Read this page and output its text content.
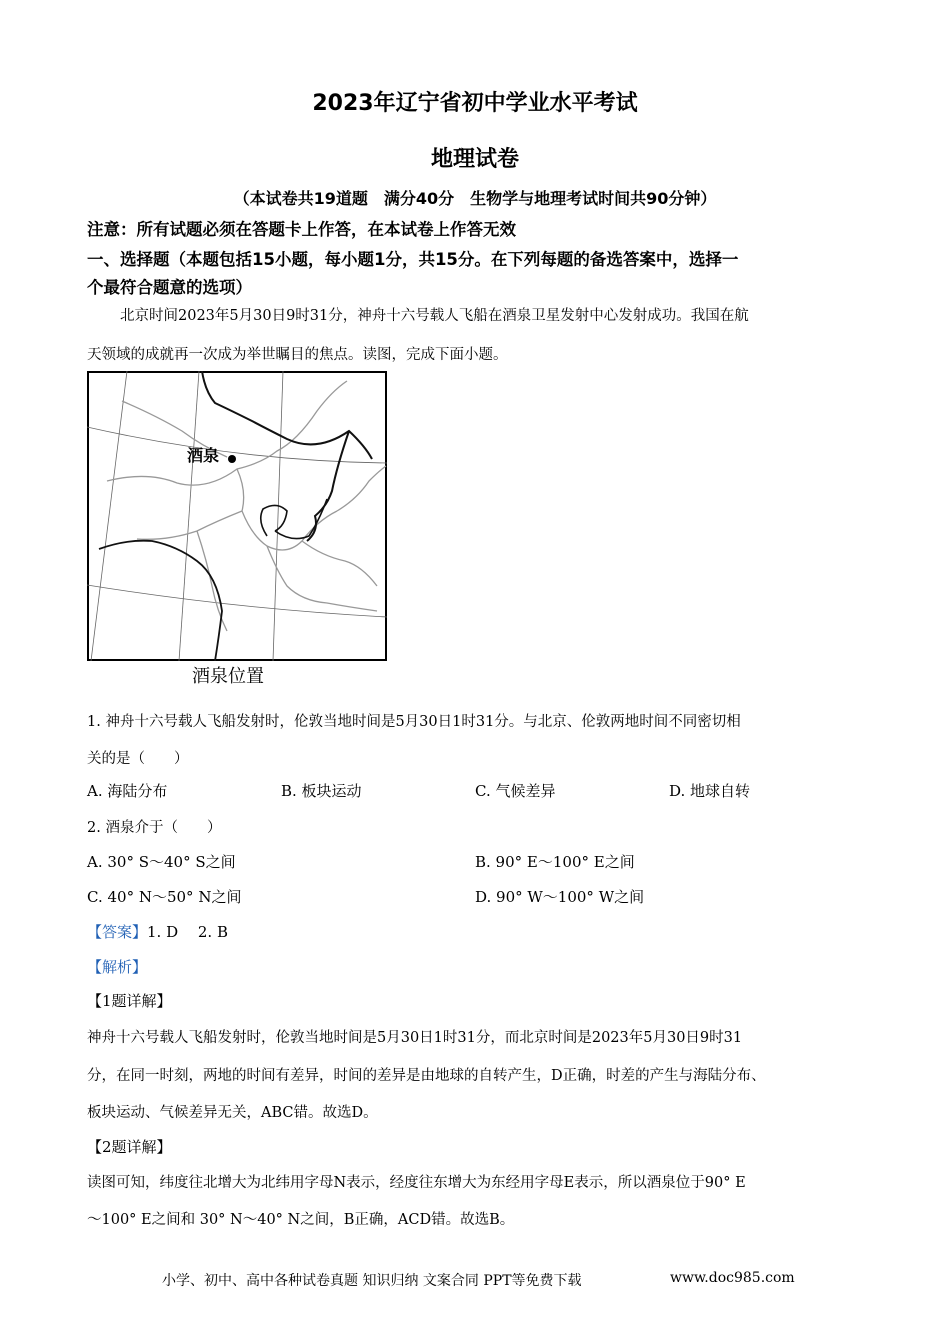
2023年辽宁省初中学业水平考试
地理试卷
（本试卷共19道题　满分40分　生物学与地理考试时间共90分钟）
注意：所有试题必须在答题卡上作答，在本试卷上作答无效
一、选择题（本题包括15小题，每小题1分，共15分。在下列每题的备选答案中，选择一
个最符合题意的选项）
北京时间2023年5月30日9时31分，神舟十六号载人飞船在酒泉卫星发射中心发射成功。我国在航
天领域的成就再一次成为举世瞩目的焦点。读图，完成下面小题。
酒泉
酒泉位置
1. 神舟十六号载人飞船发射时，伦敦当地时间是5月30日1时31分。与北京、伦敦两地时间不同密切相
关的是（　　）
A. 海陆分布	B. 板块运动	C. 气候差异	D. 地球自转
2. 酒泉介于（　　）
A. 30° S～40° S之间	B. 90° E～100° E之间
C. 40° N～50° N之间	D. 90° W～100° W之间
【答案】1. D　 2. B
【解析】
【1题详解】
神舟十六号载人飞船发射时，伦敦当地时间是5月30日1时31分，而北京时间是2023年5月30日9时31
分，在同一时刻，两地的时间有差异，时间的差异是由地球的自转产生，D正确，时差的产生与海陆分布、
板块运动、气候差异无关，ABC错。故选D。
【2题详解】
读图可知，纬度往北增大为北纬用字母N表示，经度往东增大为东经用字母E表示，所以酒泉位于90° E
～100° E之间和 30° N～40° N之间，B正确，ACD错。故选B。
小学、初中、高中各种试卷真题 知识归纳 文案合同 PPT等免费下载	www.doc985.com
